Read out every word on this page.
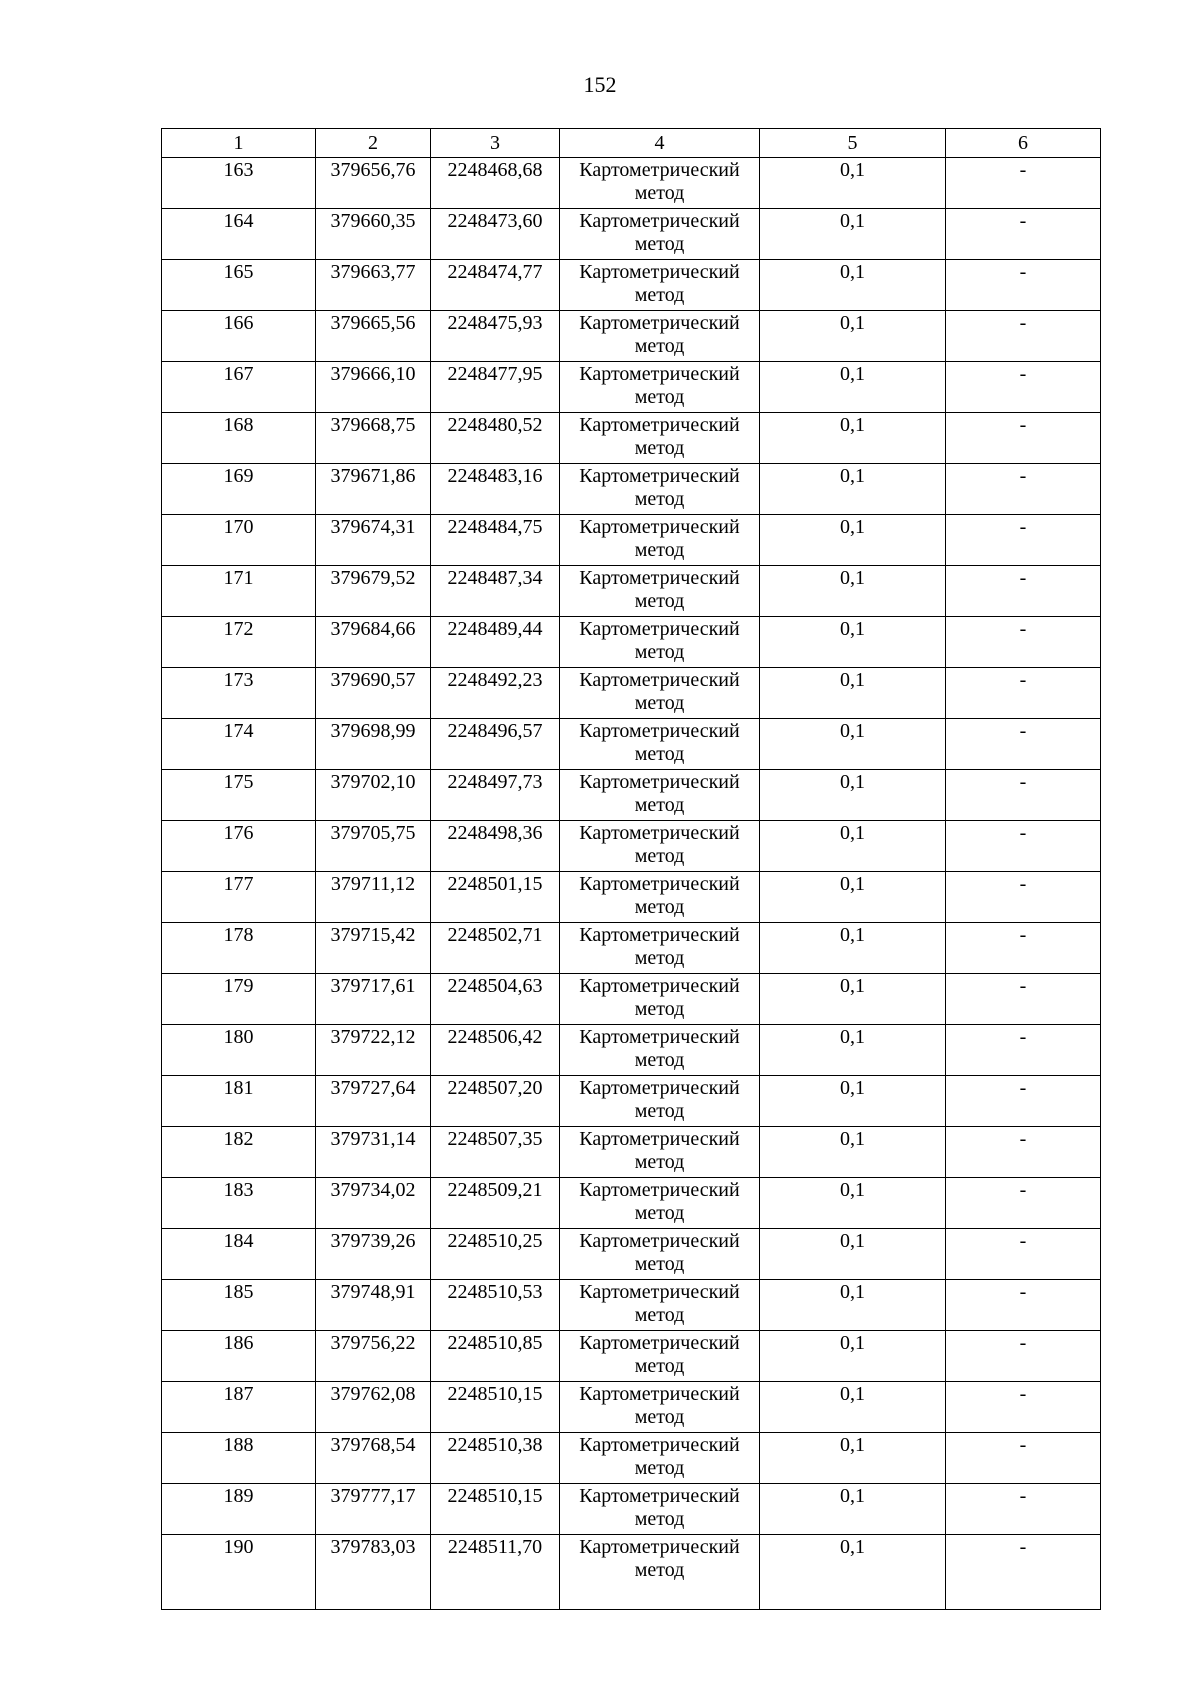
152
1	2	3	4	5	6
163	379656,76	2248468,68	Картометрический метод	0,1	-
164	379660,35	2248473,60	Картометрический метод	0,1	-
165	379663,77	2248474,77	Картометрический метод	0,1	-
166	379665,56	2248475,93	Картометрический метод	0,1	-
167	379666,10	2248477,95	Картометрический метод	0,1	-
168	379668,75	2248480,52	Картометрический метод	0,1	-
169	379671,86	2248483,16	Картометрический метод	0,1	-
170	379674,31	2248484,75	Картометрический метод	0,1	-
171	379679,52	2248487,34	Картометрический метод	0,1	-
172	379684,66	2248489,44	Картометрический метод	0,1	-
173	379690,57	2248492,23	Картометрический метод	0,1	-
174	379698,99	2248496,57	Картометрический метод	0,1	-
175	379702,10	2248497,73	Картометрический метод	0,1	-
176	379705,75	2248498,36	Картометрический метод	0,1	-
177	379711,12	2248501,15	Картометрический метод	0,1	-
178	379715,42	2248502,71	Картометрический метод	0,1	-
179	379717,61	2248504,63	Картометрический метод	0,1	-
180	379722,12	2248506,42	Картометрический метод	0,1	-
181	379727,64	2248507,20	Картометрический метод	0,1	-
182	379731,14	2248507,35	Картометрический метод	0,1	-
183	379734,02	2248509,21	Картометрический метод	0,1	-
184	379739,26	2248510,25	Картометрический метод	0,1	-
185	379748,91	2248510,53	Картометрический метод	0,1	-
186	379756,22	2248510,85	Картометрический метод	0,1	-
187	379762,08	2248510,15	Картометрический метод	0,1	-
188	379768,54	2248510,38	Картометрический метод	0,1	-
189	379777,17	2248510,15	Картометрический метод	0,1	-
190	379783,03	2248511,70	Картометрический метод	0,1	-
